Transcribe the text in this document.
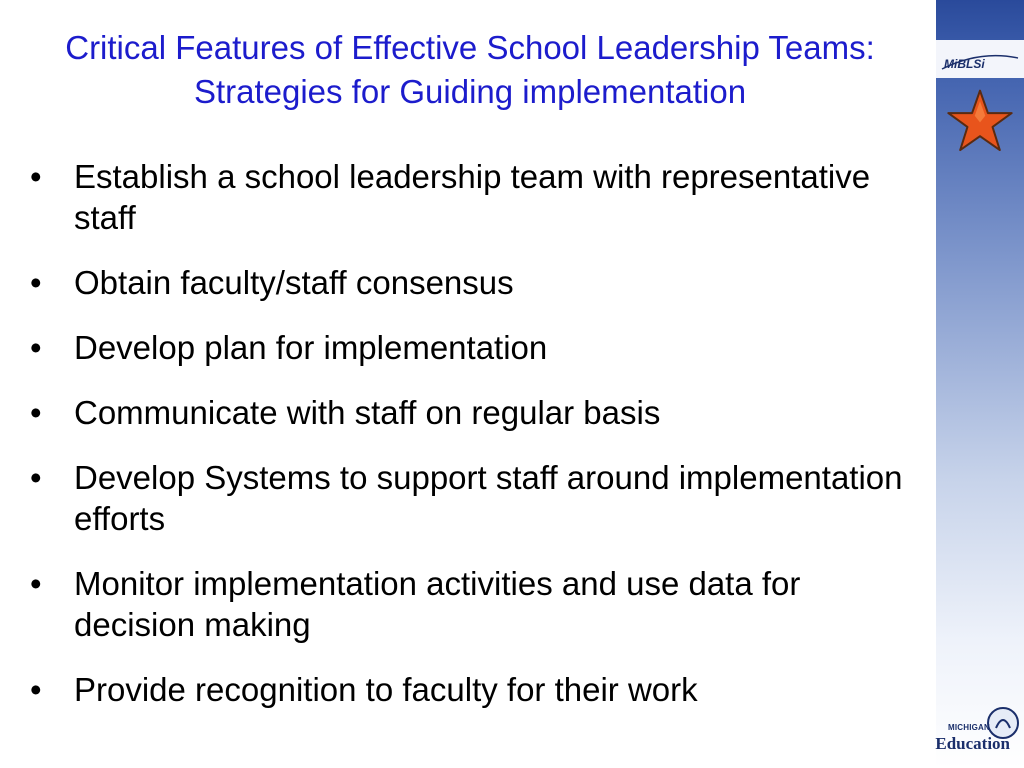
Critical Features of Effective School Leadership Teams: Strategies for Guiding implementation
• Establish a school leadership team with representative staff
• Obtain faculty/staff consensus
• Develop plan for implementation
• Communicate with staff on regular basis
• Develop Systems to support staff around implementation efforts
• Monitor implementation activities and use data for decision making
• Provide recognition to faculty for their work
MiBLSi
MICHIGAN
Education
